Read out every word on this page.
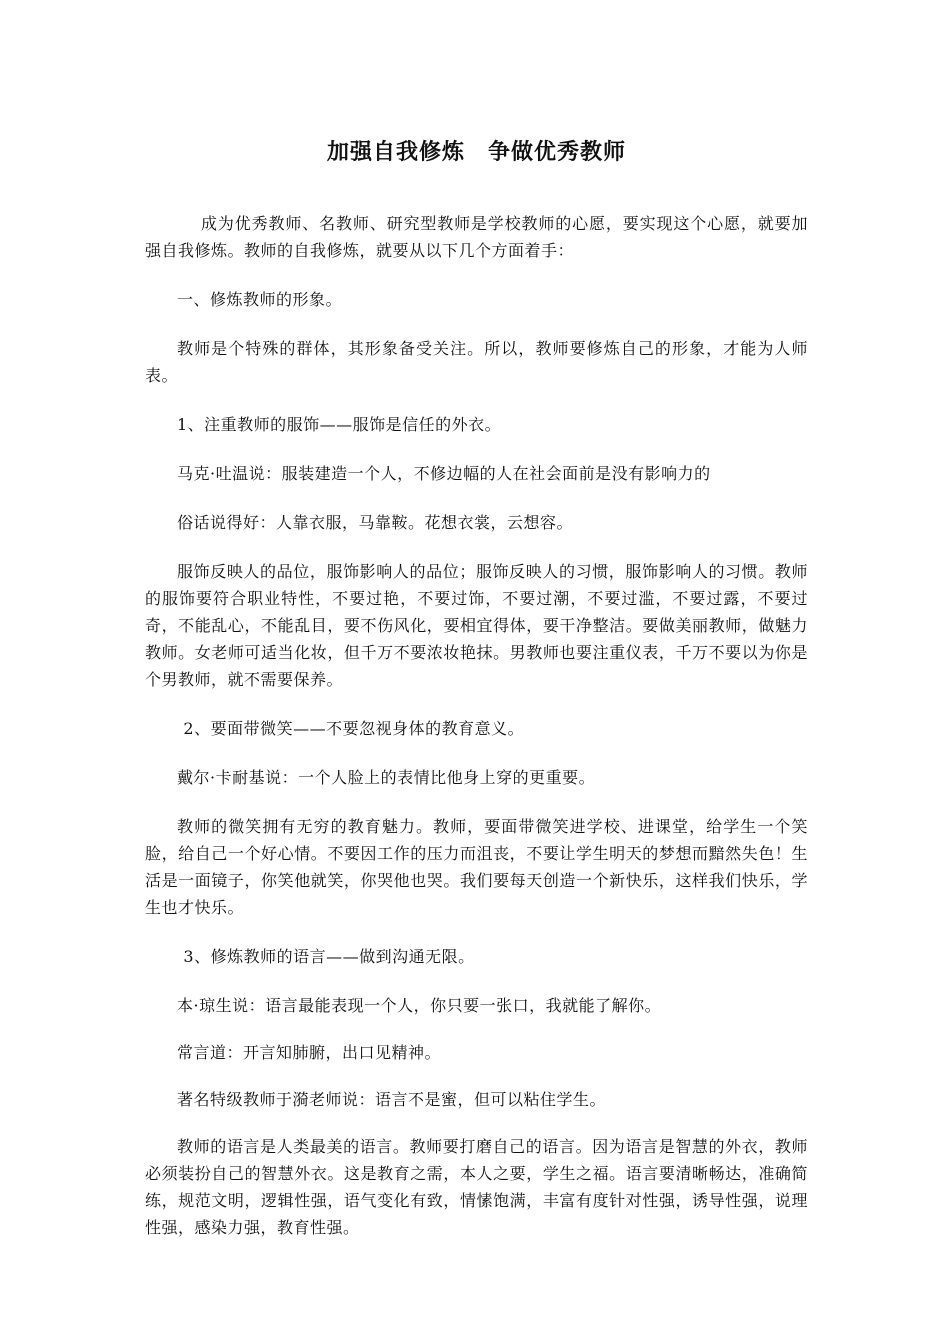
加强自我修炼　争做优秀教师

成为优秀教师、名教师、研究型教师是学校教师的心愿，要实现这个心愿，就要加强自我修炼。教师的自我修炼，就要从以下几个方面着手：

一、修炼教师的形象。

教师是个特殊的群体，其形象备受关注。所以，教师要修炼自己的形象，才能为人师表。

1、注重教师的服饰——服饰是信任的外衣。

马克·吐温说：服装建造一个人，不修边幅的人在社会面前是没有影响力的

俗话说得好：人靠衣服，马靠鞍。花想衣裳，云想容。

服饰反映人的品位，服饰影响人的品位；服饰反映人的习惯，服饰影响人的习惯。教师的服饰要符合职业特性，不要过艳，不要过饰，不要过潮，不要过滥，不要过露，不要过奇，不能乱心，不能乱目，要不伤风化，要相宜得体，要干净整洁。要做美丽教师，做魅力教师。女老师可适当化妆，但千万不要浓妆艳抹。男教师也要注重仪表，千万不要以为你是个男教师，就不需要保养。

2、要面带微笑——不要忽视身体的教育意义。

戴尔·卡耐基说：一个人脸上的表情比他身上穿的更重要。

教师的微笑拥有无穷的教育魅力。教师，要面带微笑进学校、进课堂，给学生一个笑脸，给自己一个好心情。不要因工作的压力而沮丧，不要让学生明天的梦想而黯然失色！生活是一面镜子，你笑他就笑，你哭他也哭。我们要每天创造一个新快乐，这样我们快乐，学生也才快乐。

3、修炼教师的语言——做到沟通无限。

本·琼生说：语言最能表现一个人，你只要一张口，我就能了解你。

常言道：开言知肺腑，出口见精神。

著名特级教师于漪老师说：语言不是蜜，但可以粘住学生。

教师的语言是人类最美的语言。教师要打磨自己的语言。因为语言是智慧的外衣，教师必须装扮自己的智慧外衣。这是教育之需，本人之要，学生之福。语言要清晰畅达，准确简练，规范文明，逻辑性强，语气变化有致，情愫饱满，丰富有度针对性强，诱导性强，说理性强，感染力强，教育性强。
